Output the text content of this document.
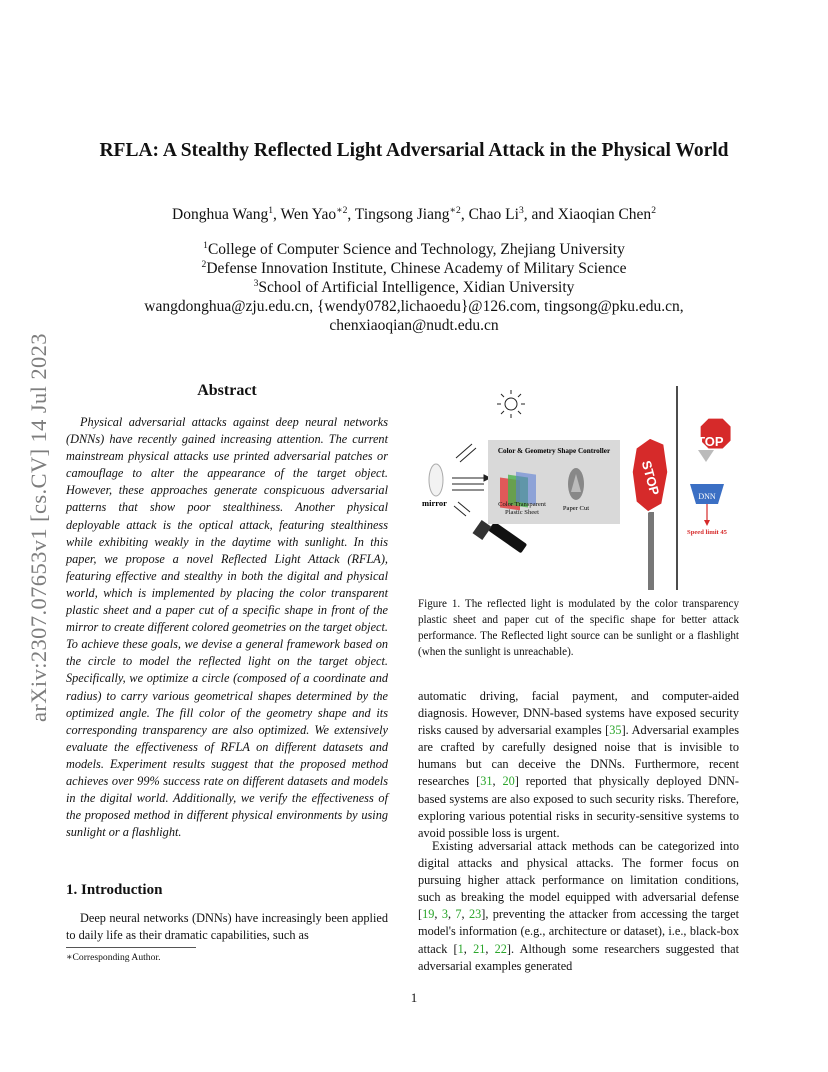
arXiv:2307.07653v1 [cs.CV] 14 Jul 2023
RFLA: A Stealthy Reflected Light Adversarial Attack in the Physical World
Donghua Wang$^1$, Wen Yao$^{∗2}$, Tingsong Jiang$^{∗2}$, Chao Li$^3$, and Xiaoqian Chen$^2$
$^1$College of Computer Science and Technology, Zhejiang University
$^2$Defense Innovation Institute, Chinese Academy of Military Science
$^3$School of Artificial Intelligence, Xidian University
wangdonghua@zju.edu.cn, {wendy0782,lichaoedu}@126.com, tingsong@pku.edu.cn,
chenxiaoqian@nudt.edu.cn
Abstract
Physical adversarial attacks against deep neural networks (DNNs) have recently gained increasing attention. The current mainstream physical attacks use printed adversarial patches or camouflage to alter the appearance of the target object. However, these approaches generate conspicuous adversarial patterns that show poor stealthiness. Another physical deployable attack is the optical attack, featuring stealthiness while exhibiting weakly in the daytime with sunlight. In this paper, we propose a novel Reflected Light Attack (RFLA), featuring effective and stealthy in both the digital and physical world, which is implemented by placing the color transparent plastic sheet and a paper cut of a specific shape in front of the mirror to create different colored geometries on the target object. To achieve these goals, we devise a general framework based on the circle to model the reflected light on the target object. Specifically, we optimize a circle (composed of a coordinate and radius) to carry various geometrical shapes determined by the optimized angle. The fill color of the geometry shape and its corresponding transparency are also optimized. We extensively evaluate the effectiveness of RFLA on different datasets and models. Experiment results suggest that the proposed method achieves over 99% success rate on different datasets and models in the digital world. Additionally, we verify the effectiveness of the proposed method in different physical environments by using sunlight or a flashlight.
1. Introduction
Deep neural networks (DNNs) have increasingly been applied to daily life as their dramatic capabilities, such as
∗Corresponding Author.
mirror
Color & Geometry Shape Controller
Color Transparent Plastic Sheet
Paper Cut
STOP
STOP
DNN
Speed limit 45
Figure 1. The reflected light is modulated by the color transparency plastic sheet and paper cut of the specific shape for better attack performance. The Reflected light source can be sunlight or a flashlight (when the sunlight is unreachable).
automatic driving, facial payment, and computer-aided diagnosis. However, DNN-based systems have exposed security risks caused by adversarial examples [35]. Adversarial examples are crafted by carefully designed noise that is invisible to humans but can deceive the DNNs. Furthermore, recent researches [31, 20] reported that physically deployed DNN-based systems are also exposed to such security risks. Therefore, exploring various potential risks in security-sensitive systems to avoid possible loss is urgent.
Existing adversarial attack methods can be categorized into digital attacks and physical attacks. The former focus on pursuing higher attack performance on limitation conditions, such as breaking the model equipped with adversarial defense [19, 3, 7, 23], preventing the attacker from accessing the target model's information (e.g., architecture or dataset), i.e., black-box attack [1, 21, 22]. Although some researchers suggested that adversarial examples generated
1
